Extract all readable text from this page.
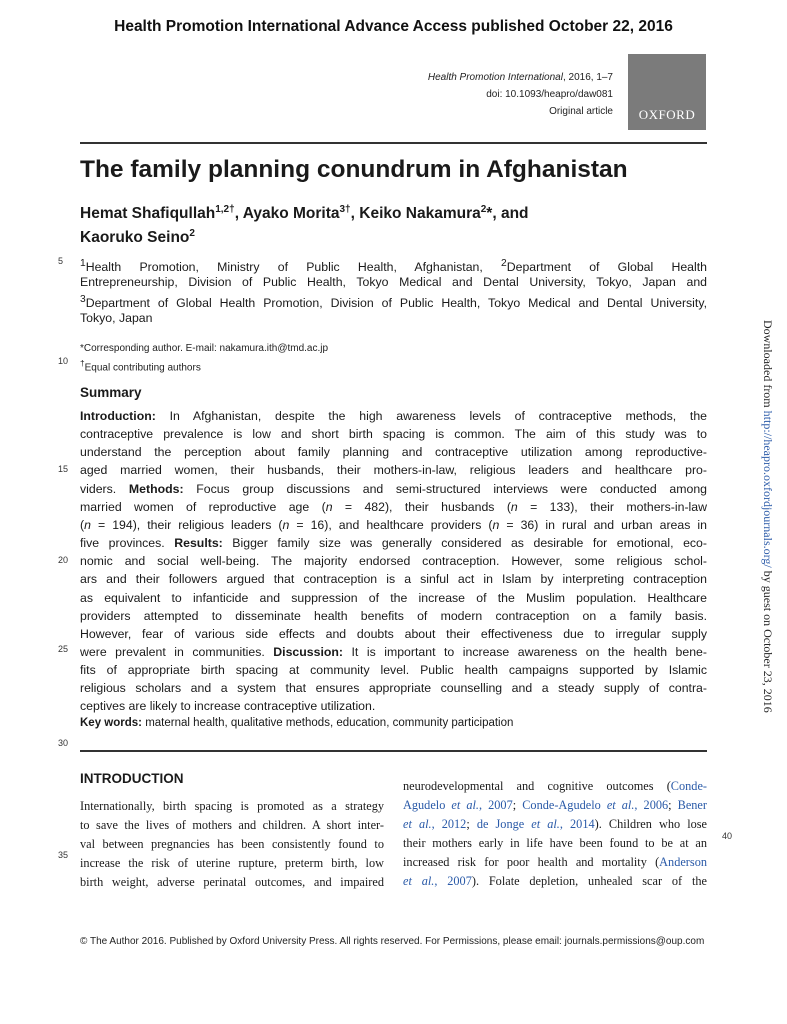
Health Promotion International Advance Access published October 22, 2016
Health Promotion International, 2016, 1–7
doi: 10.1093/heapro/daw081
Original article	OXFORD
The family planning conundrum in Afghanistan
Hemat Shafiqullah$^{1,2\dagger}$, Ayako Morita$^{3\dagger}$, Keiko Nakamura$^2$*, and
Kaoruko Seino$^2$
5
10
15
20
25
30
35
40
$^1$Health Promotion, Ministry of Public Health, Afghanistan, $^2$Department of Global Health
Entrepreneurship, Division of Public Health, Tokyo Medical and Dental University, Tokyo, Japan and
$^3$Department of Global Health Promotion, Division of Public Health, Tokyo Medical and Dental University,
Tokyo, Japan
*Corresponding author. E-mail: nakamura.ith@tmd.ac.jp
†Equal contributing authors
Summary
Introduction: In Afghanistan, despite the high awareness levels of contraceptive methods, the
contraceptive prevalence is low and short birth spacing is common. The aim of this study was to
understand the perception about family planning and contraceptive utilization among reproductive-
aged married women, their husbands, their mothers-in-law, religious leaders and healthcare pro-
viders. Methods: Focus group discussions and semi-structured interviews were conducted among
married women of reproductive age (n = 482), their husbands (n = 133), their mothers-in-law
(n = 194), their religious leaders (n = 16), and healthcare providers (n = 36) in rural and urban areas in
five provinces. Results: Bigger family size was generally considered as desirable for emotional, eco-
nomic and social well-being. The majority endorsed contraception. However, some religious schol-
ars and their followers argued that contraception is a sinful act in Islam by interpreting contraception
as equivalent to infanticide and suppression of the increase of the Muslim population. Healthcare
providers attempted to disseminate health benefits of modern contraception on a family basis.
However, fear of various side effects and doubts about their effectiveness due to irregular supply
were prevalent in communities. Discussion: It is important to increase awareness on the health bene-
fits of appropriate birth spacing at community level. Public health campaigns supported by Islamic
religious scholars and a system that ensures appropriate counselling and a steady supply of contra-
ceptives are likely to increase contraceptive utilization.
Key words: maternal health, qualitative methods, education, community participation
INTRODUCTION
Internationally, birth spacing is promoted as a strategy
to save the lives of mothers and children. A short inter-
val between pregnancies has been consistently found to
increase the risk of uterine rupture, preterm birth, low
birth weight, adverse perinatal outcomes, and impaired
neurodevelopmental and cognitive outcomes (Conde-
Agudelo et al., 2007; Conde-Agudelo et al., 2006; Bener
et al., 2012; de Jonge et al., 2014). Children who lose
their mothers early in life have been found to be at an
increased risk for poor health and mortality (Anderson
et al., 2007). Folate depletion, unhealed scar of the
© The Author 2016. Published by Oxford University Press. All rights reserved. For Permissions, please email: journals.permissions@oup.com
Downloaded from http://heapro.oxfordjournals.org/ by guest on October 23, 2016
